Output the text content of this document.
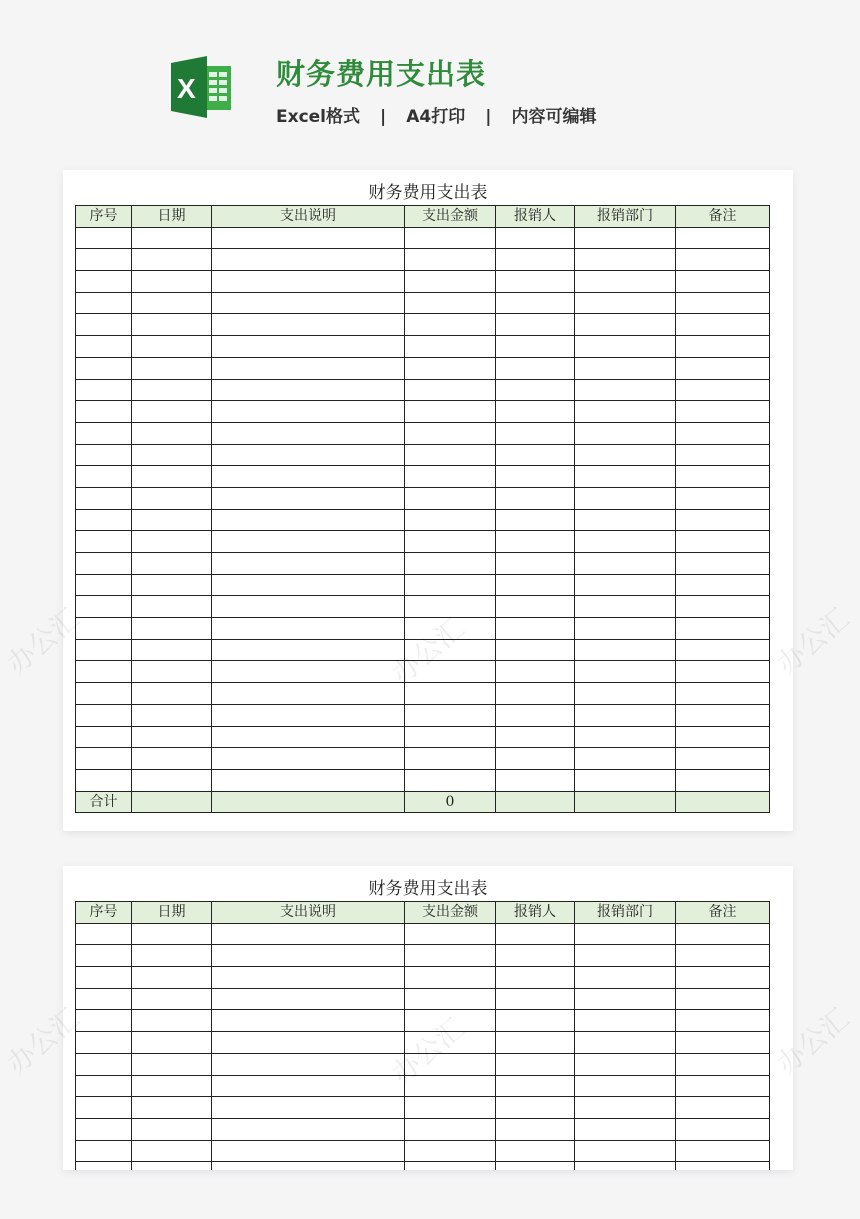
X	财务费用支出表
Excel格式 | A4打印 | 内容可编辑
财务费用支出表
序号	日期	支出说明	支出金额	报销人	报销部门	备注

合计			0			
财务费用支出表
序号	日期	支出说明	支出金额	报销人	报销部门	备注

办公汇	办公汇
办公汇	办公汇
